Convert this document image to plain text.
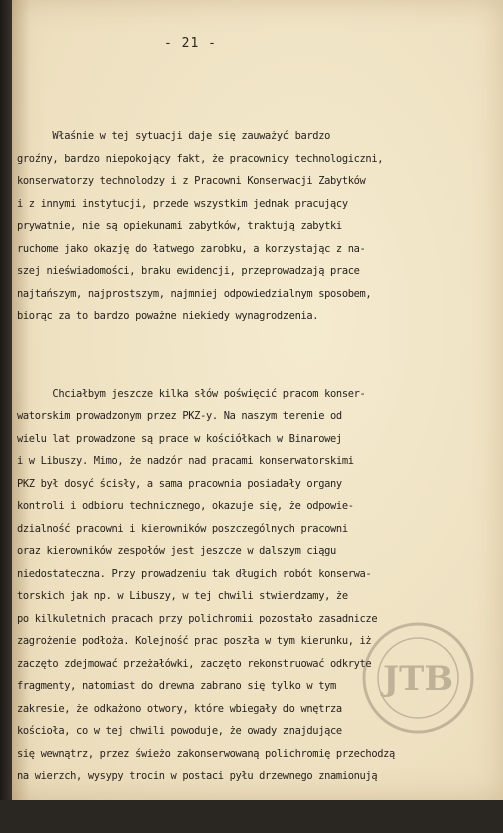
- 21 -

Właśnie w tej sytuacji daje się zauważyć bardzo
groźny, bardzo niepokojący fakt, że pracownicy technologiczni,
konserwatorzy technolodzy i z Pracowni Konserwacji Zabytków
i z innymi instytucji, przede wszystkim jednak pracujący
prywatnie, nie są opiekunami zabytków, traktują zabytki
ruchome jako okazję do łatwego zarobku, a korzystając z na-
szej nieświadomości, braku ewidencji, przeprowadzają prace
najtańszym, najprostszym, najmniej odpowiedzialnym sposobem,
biorąc za to bardzo poważne niekiedy wynagrodzenia.

Chciałbym jeszcze kilka słów poświęcić pracom konser-
watorskim prowadzonym przez PKZ-y. Na naszym terenie od
wielu lat prowadzone są prace w kościółkach w Binarowej
i w Libuszy. Mimo, że nadzór nad pracami konserwatorskimi
PKZ był dosyć ścisły, a sama pracownia posiadały organy
kontroli i odbioru technicznego, okazuje się, że odpowie-
dzialność pracowni i kierowników poszczególnych pracowni
oraz kierowników zespołów jest jeszcze w dalszym ciągu
niedostateczna. Przy prowadzeniu tak długich robót konserwa-
torskich jak np. w Libuszy, w tej chwili stwierdzamy, że
po kilkuletnich pracach przy polichromii pozostało zasadnicze
zagrożenie podłoża. Kolejność prac poszła w tym kierunku, iż
zaczęto zdejmować przeżałówki, zaczęto rekonstruować odkryte
fragmenty, natomiast do drewna zabrano się tylko w tym
zakresie, że odkażono otwory, które wbiegały do wnętrza
kościoła, co w tej chwili powoduje, że owady znajdujące
się wewnątrz, przez świeżo zakonserwowaną polichromię przechodzą
na wierzch, wysypy trocin w postaci pyłu drzewnego znamionują

JTB
